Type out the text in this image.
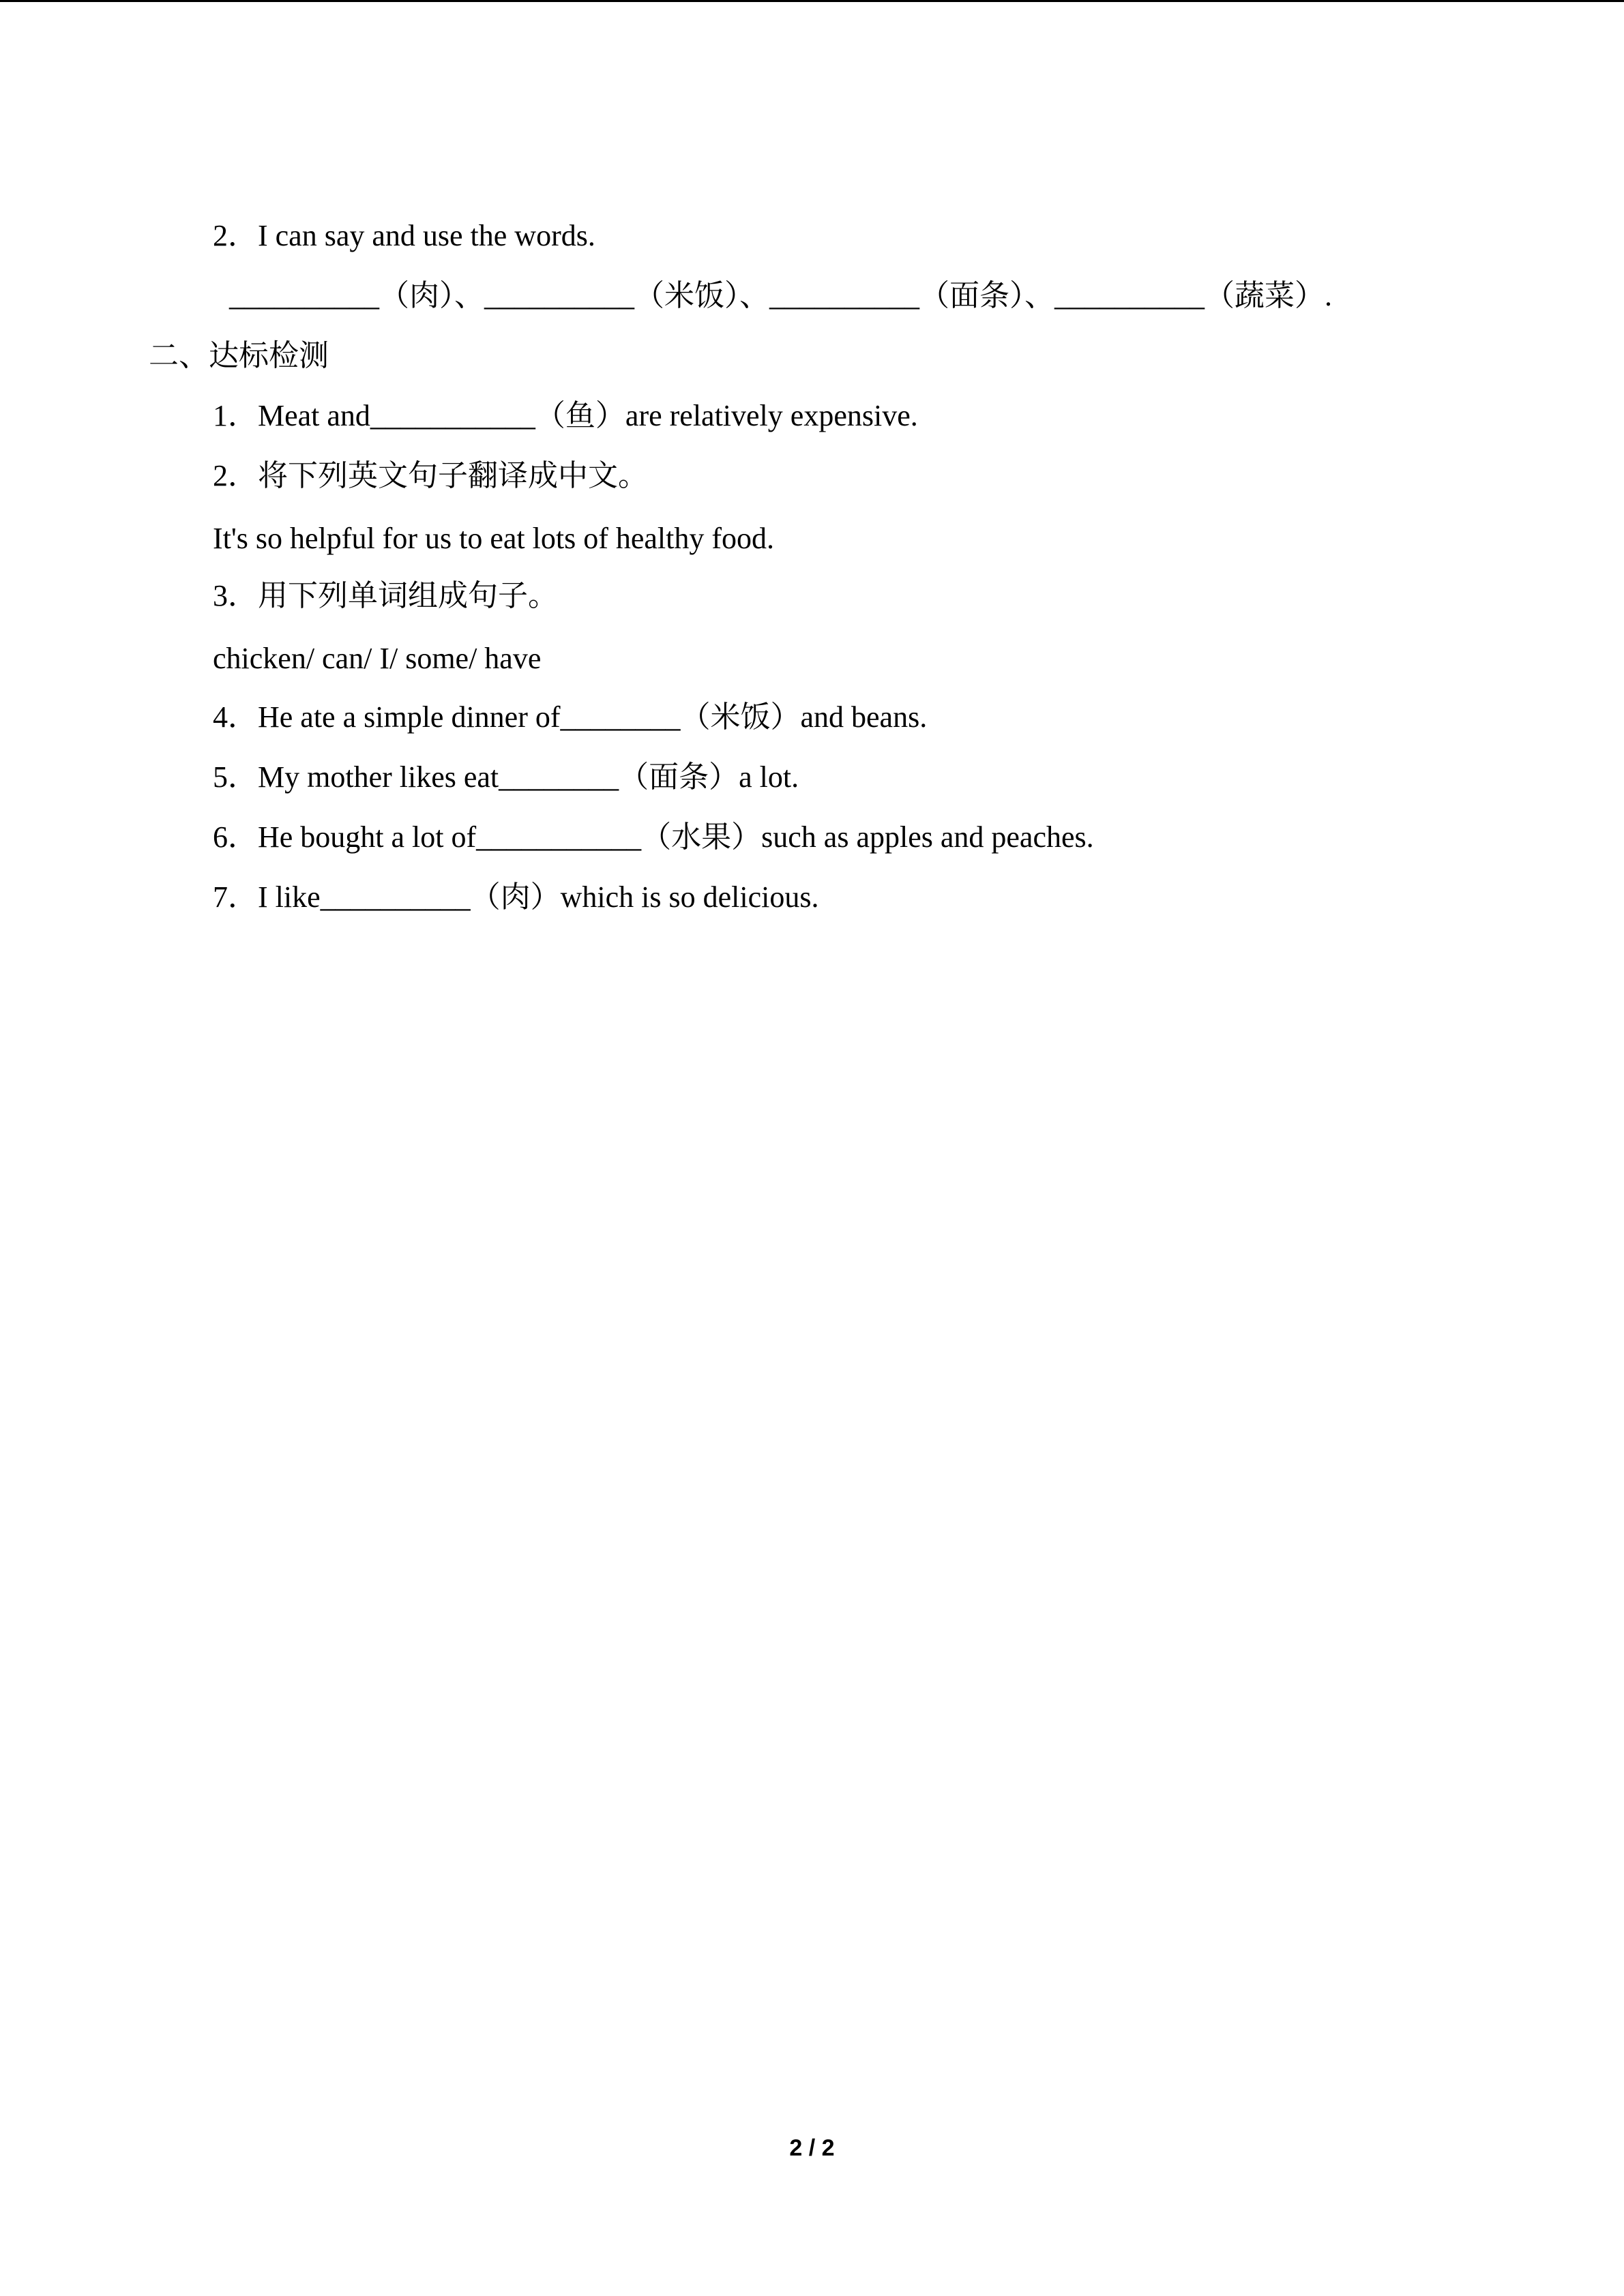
2．I can say and use the words.
__________（肉）、__________（米饭）、__________（面条）、__________（蔬菜）.
二、达标检测
1．Meat and___________（鱼）are relatively expensive.
2．将下列英文句子翻译成中文。
It's so helpful for us to eat lots of healthy food.
3．用下列单词组成句子。
chicken/ can/ I/ some/ have
4．He ate a simple dinner of________（米饭）and beans.
5．My mother likes eat________（面条）a lot.
6．He bought a lot of___________（水果）such as apples and peaches.
7．I like__________（肉）which is so delicious.
2 / 2
